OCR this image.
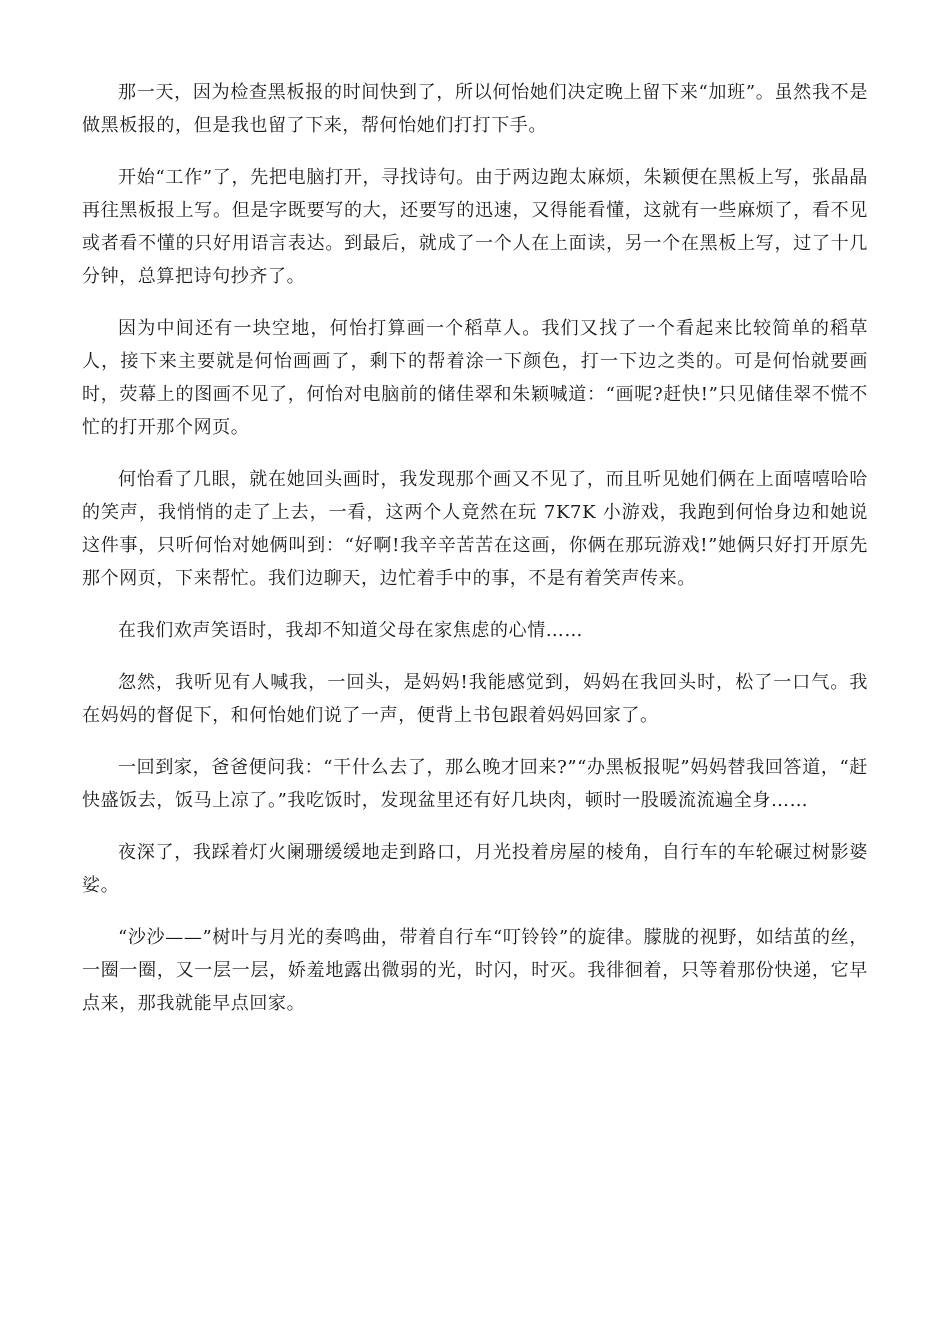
那一天，因为检查黑板报的时间快到了，所以何怡她们决定晚上留下来“加班”。虽然我不是做黑板报的，但是我也留了下来，帮何怡她们打打下手。

开始“工作”了，先把电脑打开，寻找诗句。由于两边跑太麻烦，朱颖便在黑板上写，张晶晶再往黑板报上写。但是字既要写的大，还要写的迅速，又得能看懂，这就有一些麻烦了，看不见或者看不懂的只好用语言表达。到最后，就成了一个人在上面读，另一个在黑板上写，过了十几分钟，总算把诗句抄齐了。

因为中间还有一块空地，何怡打算画一个稻草人。我们又找了一个看起来比较简单的稻草人，接下来主要就是何怡画画了，剩下的帮着涂一下颜色，打一下边之类的。可是何怡就要画时，荧幕上的图画不见了，何怡对电脑前的储佳翠和朱颖喊道：“画呢?赶快!”只见储佳翠不慌不忙的打开那个网页。

何怡看了几眼，就在她回头画时，我发现那个画又不见了，而且听见她们俩在上面嘻嘻哈哈的笑声，我悄悄的走了上去，一看，这两个人竟然在玩 7K7K 小游戏，我跑到何怡身边和她说这件事，只听何怡对她俩叫到：“好啊!我辛辛苦苦在这画，你俩在那玩游戏!”她俩只好打开原先那个网页，下来帮忙。我们边聊天，边忙着手中的事，不是有着笑声传来。

在我们欢声笑语时，我却不知道父母在家焦虑的心情……

忽然，我听见有人喊我，一回头，是妈妈!我能感觉到，妈妈在我回头时，松了一口气。我在妈妈的督促下，和何怡她们说了一声，便背上书包跟着妈妈回家了。

一回到家，爸爸便问我：“干什么去了，那么晚才回来?”“办黑板报呢”妈妈替我回答道，“赶快盛饭去，饭马上凉了。”我吃饭时，发现盆里还有好几块肉，顿时一股暖流流遍全身……

夜深了，我踩着灯火阑珊缓缓地走到路口，月光投着房屋的棱角，自行车的车轮碾过树影婆娑。

“沙沙——”树叶与月光的奏鸣曲，带着自行车“叮铃铃”的旋律。朦胧的视野，如结茧的丝，一圈一圈，又一层一层，娇羞地露出微弱的光，时闪，时灭。我徘徊着，只等着那份快递，它早点来，那我就能早点回家。
